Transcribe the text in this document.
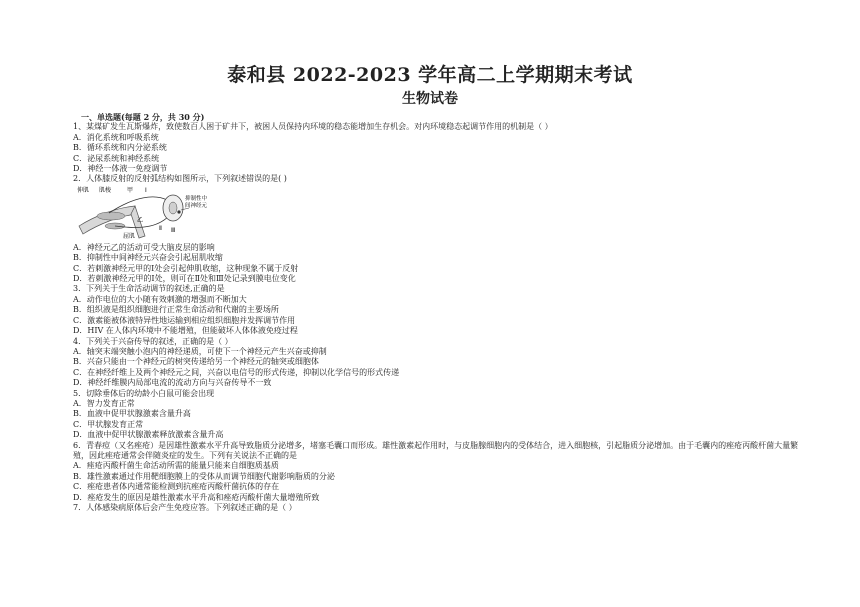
泰和县 2022-2023 学年高二上学期期末考试
生物试卷

一、单选题(每题 2 分，共 30 分)

1、某煤矿发生瓦斯爆炸，致使数百人困于矿井下，被困人员保持内环境的稳态能增加生存机会。对内环境稳态起调节作用的机制是（ ）

A．消化系统和呼吸系统

B．循环系统和内分泌系统

C．泌尿系统和神经系统

D．神经一体液一免疫调节

2．人体膝反射的反射弧结构如图所示，下列叙述错误的是( )

伸肌 肌梭	甲 Ⅰ
乙
屈肌
Ⅱ Ⅲ
抑制性中间神经元

A．神经元乙的活动可受大脑皮层的影响

B．抑制性中间神经元兴奋会引起屈肌收缩

C．若刺激神经元甲的Ⅰ处会引起伸肌收缩，这种现象不属于反射

D．若刺激神经元甲的Ⅰ处，则可在Ⅱ处和Ⅲ处记录到膜电位变化

3．下列关于生命活动调节的叙述,正确的是

A．动作电位的大小随有效刺激的增强而不断加大

B．组织液是组织细胞进行正常生命活动和代谢的主要场所

C．激素能被体液特异性地运输到相应组织细胞并发挥调节作用

D．HIV 在人体内环境中不能增殖，但能破坏人体体液免疫过程

4．下列关于兴奋传导的叙述，正确的是（ ）

A．轴突末端突触小泡内的神经递质，可使下一个神经元产生兴奋或抑制

B．兴奋只能由一个神经元的树突传递给另一个神经元的轴突或细胞体

C．在神经纤维上及两个神经元之间，兴奋以电信号的形式传递，抑制以化学信号的形式传递

D．神经纤维膜内局部电流的流动方向与兴奋传导不一致

5．切除垂体后的幼龄小白鼠可能会出现

A．智力发育正常

B．血液中促甲状腺激素含量升高

C．甲状腺发育正常

D．血液中促甲状腺激素释放激素含量升高

6．青春痘（又名痤疮）是因雄性激素水平升高导致脂质分泌增多，堵塞毛囊口而形成。雄性激素起作用时，与皮脂腺细胞内的受体结合，进入细胞核，引起脂质分泌增加。由于毛囊内的痤疮丙酸杆菌大量繁殖，因此痤疮通常会伴随炎症的发生。下列有关说法不正确的是

A．痤疮丙酸杆菌生命活动所需的能量只能来自细胞质基质

B．雄性激素通过作用靶细胞膜上的受体从而调节细胞代谢影响脂质的分泌

C．痤疮患者体内通常能检测到抗痤疮丙酸杆菌抗体的存在

D．痤疮发生的原因是雄性激素水平升高和痤疮丙酸杆菌大量增殖所致

7．人体感染病原体后会产生免疫应答。下列叙述正确的是（ ）
